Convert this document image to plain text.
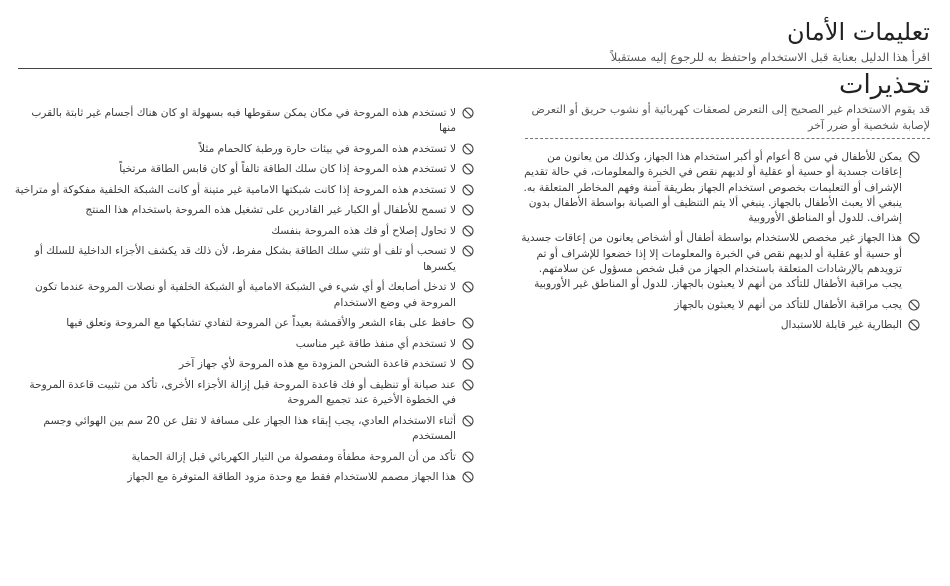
تعليمات الأمان

اقرأ هذا الدليل بعناية قبل الاستخدام واحتفظ به للرجوع إليه مستقبلاً

تحذيرات

قد يقوم الاستخدام غير الصحيح إلى التعرض لصعقات كهربائية أو نشوب حريق أو التعرض لإصابة شخصية أو ضرر آخر

يمكن للأطفال في سن 8 أعوام أو أكبر استخدام هذا الجهاز، وكذلك من يعانون من إعاقات جسدية أو حسية أو عقلية أو لديهم نقص في الخبرة والمعلومات، في حالة تقديم الإشراف أو التعليمات بخصوص استخدام الجهاز بطريقة آمنة وفهم المخاطر المتعلقة به. ينبغي ألا يعبث الأطفال بالجهاز. ينبغي ألا يتم التنظيف أو الصيانة بواسطة الأطفال بدون إشراف. للدول أو المناطق الأوروبية
هذا الجهاز غير مخصص للاستخدام بواسطة أطفال أو أشخاص يعانون من إعاقات جسدية أو حسية أو عقلية أو لديهم نقص في الخبرة والمعلومات إلا إذا خضعوا للإشراف أو تم تزويدهم بالإرشادات المتعلقة باستخدام الجهاز من قبل شخص مسؤول عن سلامتهم. يجب مراقبة الأطفال للتأكد من أنهم لا يعبثون بالجهاز. للدول أو المناطق غير الأوروبية
يجب مراقبة الأطفال للتأكد من أنهم لا يعبثون بالجهاز
البطارية غير قابلة للاستبدال
لا تستخدم هذه المروحة في مكان يمكن سقوطها فيه بسهولة او كان هناك أجسام غير ثابتة بالقرب منها
لا تستخدم هذه المروحة في بيئات حارة ورطبة كالحمام مثلاً
لا تستخدم هذه المروحة إذا كان سلك الطاقة تالفاً أو كان قابس الطاقة مرتخياً
لا تستخدم هذه المروحة إذا كانت شبكتها الامامية غير متينة أو كانت الشبكة الخلفية مفكوكة أو متراخية
لا تسمح للأطفال أو الكبار غير القادرين على تشغيل هذه المروحة باستخدام هذا المنتج
لا تحاول إصلاح أو فك هذه المروحة بنفسك
لا تسحب أو تلف أو تثني سلك الطاقة بشكل مفرط، لأن ذلك قد يكشف الأجزاء الداخلية للسلك أو يكسرها
لا تدخل أصابعك أو أي شيء في الشبكة الامامية أو الشبكة الخلفية أو نصلات المروحة عندما تكون المروحة في وضع الاستخدام
حافظ على بقاء الشعر والأقمشة بعيداً عن المروحة لتفادي تشابكها مع المروحة وتعلق فيها
لا تستخدم أي منفذ طاقة غير مناسب
لا تستخدم قاعدة الشحن المزودة مع هذه المروحة لأي جهاز آخر
عند صيانة أو تنظيف أو فك قاعدة المروحة قبل إزالة الأجزاء الأخرى، تأكد من تثبيت قاعدة المروحة في الخطوة الأخيرة عند تجميع المروحة
أثناء الاستخدام العادي، يجب إبقاء هذا الجهاز على مسافة لا تقل عن 20 سم بين الهوائي وجسم المستخدم
تأكد من أن المروحة مطفأة ومفصولة من التيار الكهربائي قبل إزالة الحماية
هذا الجهاز مصمم للاستخدام فقط مع وحدة مزود الطاقة المتوفرة مع الجهاز
